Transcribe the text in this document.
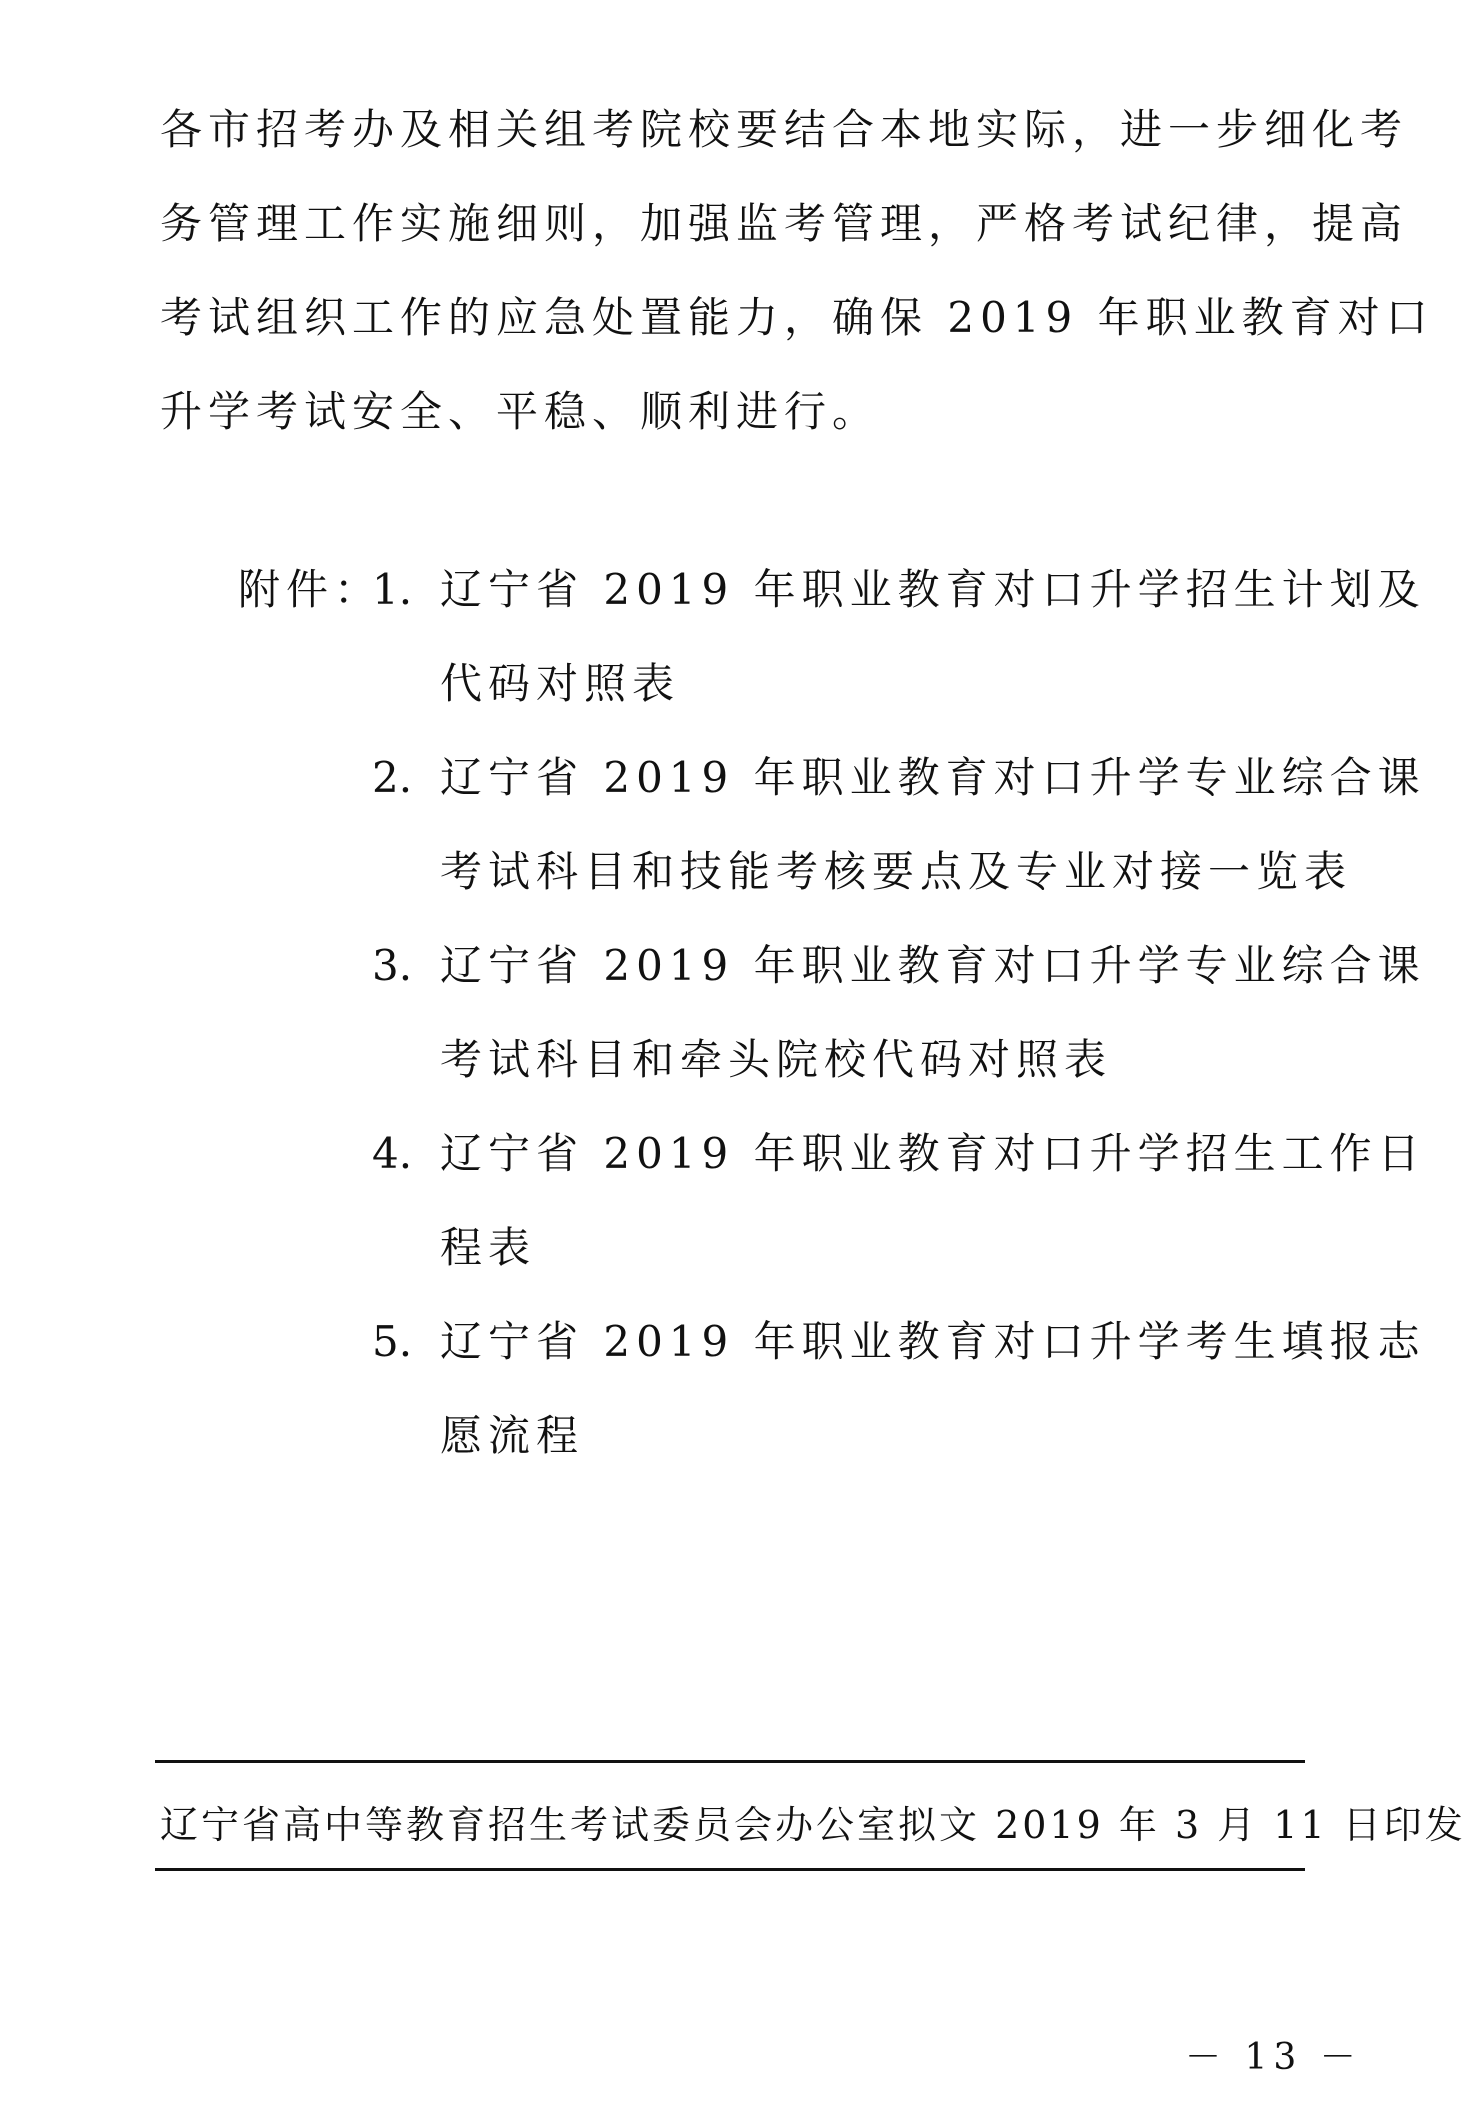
各市招考办及相关组考院校要结合本地实际，进一步细化考
务管理工作实施细则，加强监考管理，严格考试纪律，提高
考试组织工作的应急处置能力，确保 2019 年职业教育对口
升学考试安全、平稳、顺利进行。
附件：
1. 辽宁省 2019 年职业教育对口升学招生计划及
代码对照表
2. 辽宁省 2019 年职业教育对口升学专业综合课
考试科目和技能考核要点及专业对接一览表
3. 辽宁省 2019 年职业教育对口升学专业综合课
考试科目和牵头院校代码对照表
4. 辽宁省 2019 年职业教育对口升学招生工作日
程表
5. 辽宁省 2019 年职业教育对口升学考生填报志
愿流程
辽宁省高中等教育招生考试委员会办公室拟文 2019 年 3 月 11 日印发
－ 13 －
